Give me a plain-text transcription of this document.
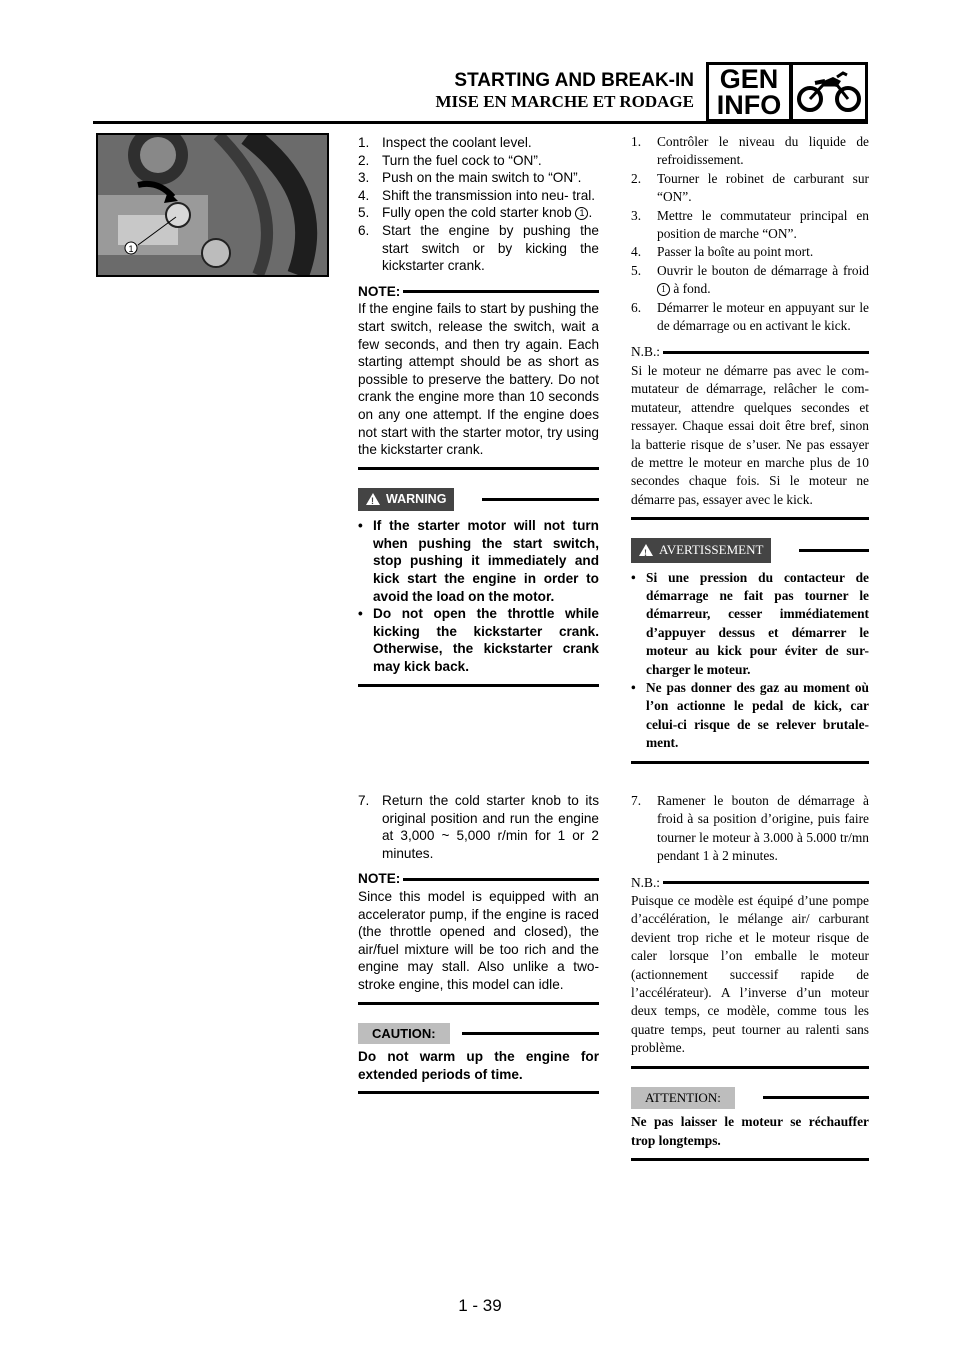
STARTING AND BREAK-IN
MISE EN MARCHE ET RODAGE
GEN
INFO
1
1. Inspect the coolant level.
2. Turn the fuel cock to “ON”.
3. Push on the main switch to “ON”.
4. Shift the transmission into neu- tral.
5. Fully open the cold starter knob 1 .
6. Start the engine by pushing the start switch or by kicking the kickstarter crank.
NOTE:
If the engine fails to start by pushing the start switch, release the switch, wait a few seconds, and then try again. Each starting attempt should be as short as possible to preserve the battery. Do not crank the engine more than 10 seconds on any one attempt. If the engine does not start with the starter motor, try using the kickstarter crank.
!
WARNING
• If the starter motor will not turn when pushing the start switch, stop pushing it immediately and kick start the engine in order to avoid the load on the motor.
• Do not open the throttle while kicking the kickstarter crank. Otherwise, the kickstarter crank may kick back.
7. Return the cold starter knob to its original position and run the engine at 3,000 ~ 5,000 r/min for 1 or 2 minutes.
NOTE:
Since this model is equipped with an accelerator pump, if the engine is raced (the throttle opened and closed), the air/fuel mixture will be too rich and the engine may stall. Also unlike a two-stroke engine, this model can idle.
CAUTION:
Do not warm up the engine for extended periods of time.
1.	Contrôler le niveau du liquide de refroidissement.
2.	Tourner le robinet de carburant sur “ON”.
3.	Mettre le commutateur principal en position de marche “ON”.
4.	Passer la boîte au point mort.
5.	Ouvrir le bouton de démarrage à froid 1 à fond.
6.	Démarrer le moteur en appuyant sur le de démarrage ou en activant le kick.
N.B.:
Si le moteur ne démarre pas avec le com- mutateur de démarrage, relâcher le com- mutateur, attendre quelques secondes et ressayer. Chaque essai doit être bref, sinon la batterie risque de s’user. Ne pas essayer de mettre le moteur en marche plus de 10 secondes chaque fois. Si le moteur ne démarre pas, essayer avec le kick.
!
AVERTISSEMENT
• Si une pression du contacteur de démarrage ne fait pas tourner le démarreur, cesser immédiatement d’appuyer dessus et démarrer le moteur au kick pour éviter de sur- charger le moteur.
• Ne pas donner des gaz au moment où l’on actionne le pedal de kick, car celui-ci risque de se relever brutale- ment.
7.	Ramener le bouton de démarrage à froid à sa position d’origine, puis faire tourner le moteur à 3.000 à 5.000 tr/mn pendant 1 à 2 minutes.
N.B.:
Puisque ce modèle est équipé d’une pompe d’accélération, le mélange air/ carburant devient trop riche et le moteur risque de caler lorsque l’on emballe le moteur (actionnement successif rapide de l’accélérateur). A l’inverse d’un moteur deux temps, ce modèle, comme tous les quatre temps, peut tourner au ralenti sans problème.
ATTENTION:
Ne pas laisser le moteur se réchauffer trop longtemps.
1 - 39
